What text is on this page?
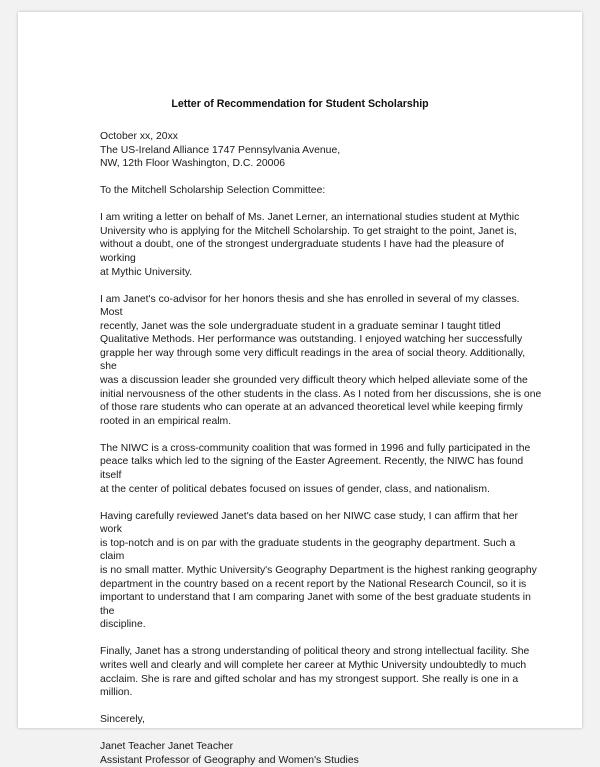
Letter of Recommendation for Student Scholarship

October xx, 20xx

The US-Ireland Alliance 1747 Pennsylvania Avenue,

NW, 12th Floor Washington, D.C. 20006

To the Mitchell Scholarship Selection Committee:

I am writing a letter on behalf of Ms. Janet Lerner, an international studies student at Mythic

University who is applying for the Mitchell Scholarship. To get straight to the point, Janet is,

without a doubt, one of the strongest undergraduate students I have had the pleasure of working

at Mythic University.

I am Janet's co-advisor for her honors thesis and she has enrolled in several of my classes. Most

recently, Janet was the sole undergraduate student in a graduate seminar I taught titled

Qualitative Methods. Her performance was outstanding. I enjoyed watching her successfully

grapple her way through some very difficult readings in the area of social theory. Additionally, she

was a discussion leader she grounded very difficult theory which helped alleviate some of the

initial nervousness of the other students in the class. As I noted from her discussions, she is one

of those rare students who can operate at an advanced theoretical level while keeping firmly

rooted in an empirical realm.

The NIWC is a cross-community coalition that was formed in 1996 and fully participated in the

peace talks which led to the signing of the Easter Agreement. Recently, the NIWC has found itself

at the center of political debates focused on issues of gender, class, and nationalism.

Having carefully reviewed Janet's data based on her NIWC case study, I can affirm that her work

is top-notch and is on par with the graduate students in the geography department. Such a claim

is no small matter. Mythic University's Geography Department is the highest ranking geography

department in the country based on a recent report by the National Research Council, so it is

important to understand that I am comparing Janet with some of the best graduate students in the

discipline.

Finally, Janet has a strong understanding of political theory and strong intellectual facility. She

writes well and clearly and will complete her career at Mythic University undoubtedly to much

acclaim. She is rare and gifted scholar and has my strongest support. She really is one in a

million.

Sincerely,

Janet Teacher Janet Teacher

Assistant Professor of Geography and Women's Studies
